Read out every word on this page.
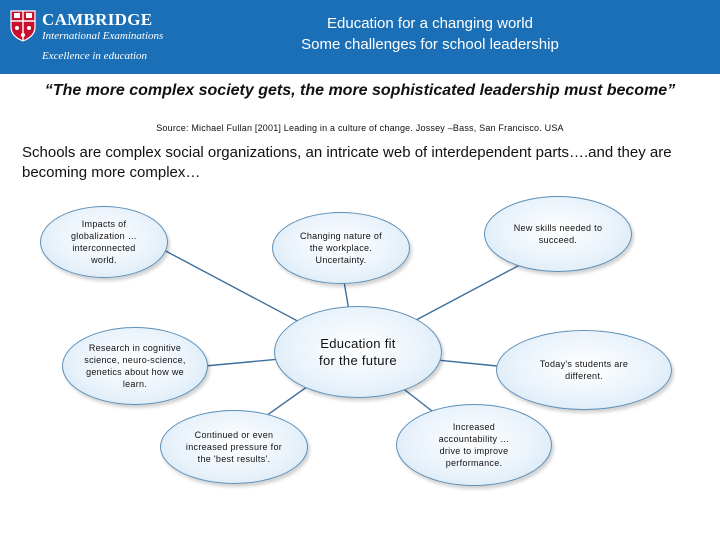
CAMBRIDGE
International Examinations
Excellence in education
Education for a changing world
Some challenges for school leadership
“The more complex society gets, the more sophisticated leadership must become”
Source: Michael Fullan [2001] Leading in a culture of change. Jossey –Bass, San Francisco. USA
Schools are complex social organizations, an intricate web of interdependent parts….and they are becoming more complex…
Impacts of globalization … interconnected world.
Changing nature of the workplace. Uncertainty.
New skills needed to succeed.
Research in cognitive science, neuro-science, genetics about how we learn.
Education fit for the future	Today's students are different.
Continued or even increased pressure for the 'best results'.
Increased accountability … drive to improve performance.
